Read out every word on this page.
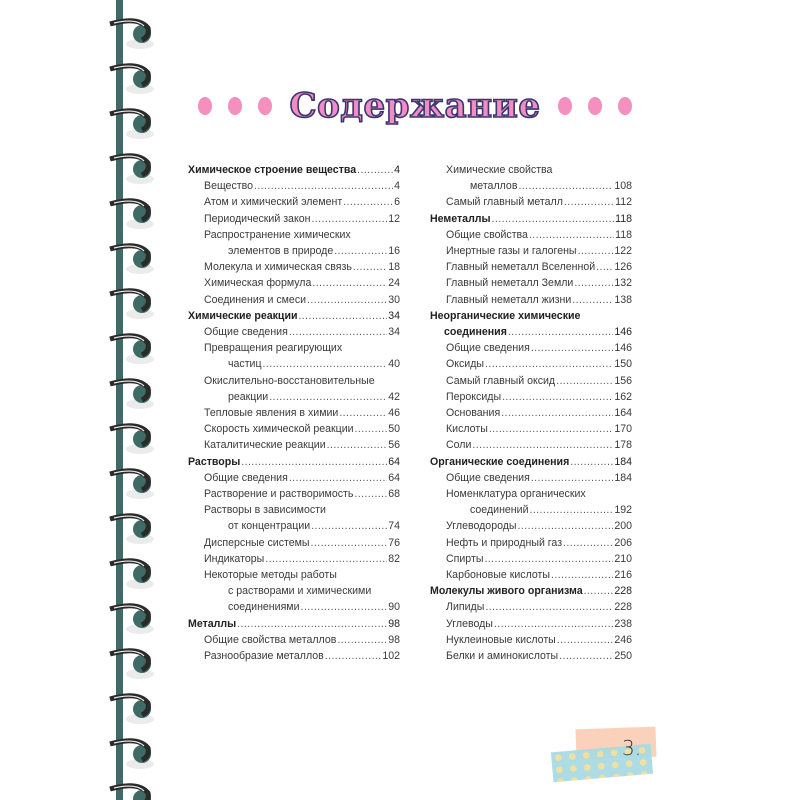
Содержание
Химическое строение вещества .....	4
Вещество .....	4
Атом и химический элемент .....	6
Периодический закон .....	12
Распространение химических
элементов в природе .....	16
Молекула и химическая связь .....	18
Химическая формула .....	24
Соединения и смеси .....	30
Химические реакции .....	34
Общие сведения .....	34
Превращения реагирующих
частиц .....	40
Окислительно-восстановительные
реакции .....	42
Тепловые явления в химии .....	46
Скорость химической реакции .....	50
Каталитические реакции .....	56
Растворы .....	64
Общие сведения .....	64
Растворение и растворимость .....	68
Растворы в зависимости
от концентрации .....	74
Дисперсные системы .....	76
Индикаторы .....	82
Некоторые методы работы
с растворами и химическими
соединениями .....	90
Металлы .....	98
Общие свойства металлов .....	98
Разнообразие металлов .....	102
Химические свойства
металлов .....	108
Самый главный металл .....	112
Неметаллы .....	118
Общие свойства .....	118
Инертные газы и галогены .....	122
Главный неметалл Вселенной ..... 126
Главный неметалл Земли .....	132
Главный неметалл жизни .....	138
Неорганические химические
соединения .....	146
Общие сведения .....	146
Оксиды .....	150
Самый главный оксид .....	156
Пероксиды .....	162
Основания .....	164
Кислоты .....	170
Соли .....	178
Органические соединения .....	184
Общие сведения .....	184
Номенклатура органических
соединений .....	192
Углеводороды .....	200
Нефть и природный газ .....	206
Спирты .....	210
Карбоновые кислоты .....	216
Молекулы живого организма .....	228
Липиды .....	228
Углеводы .....	238
Нуклеиновые кислоты .....	246
Белки и аминокислоты .....	250
3.
